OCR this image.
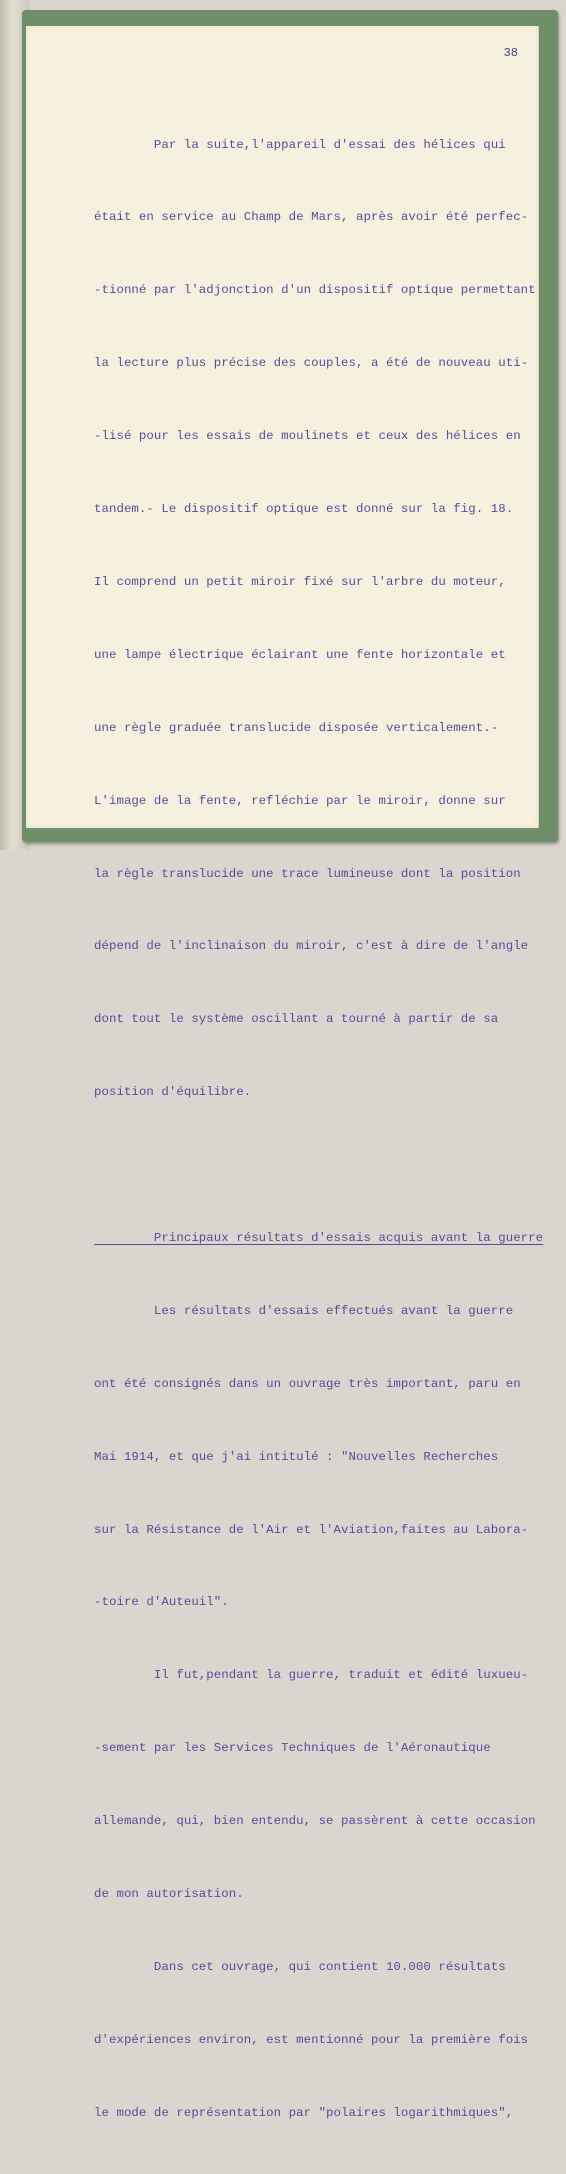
38

Par la suite,l'appareil d'essai des hélices qui

était en service au Champ de Mars, après avoir été perfec-

-tionné par l'adjonction d'un dispositif optique permettant

la lecture plus précise des couples, a été de nouveau uti-

-lisé pour les essais de moulinets et ceux des hélices en

tandem.- Le dispositif optique est donné sur la fig. 18.

Il comprend un petit miroir fixé sur l'arbre du moteur,

une lampe électrique éclairant une fente horizontale et

une règle graduée translucide disposée verticalement.-

L'image de la fente, refléchie par le miroir, donne sur

la règle translucide une trace lumineuse dont la position

dépend de l'inclinaison du miroir, c'est à dire de l'angle

dont tout le système oscillant a tourné à partir de sa

position d'équilibre.

Principaux résultats d'essais acquis avant la guerre

Les résultats d'essais effectués avant la guerre

ont été consignés dans un ouvrage très important, paru en

Mai 1914, et que j'ai intitulé : "Nouvelles Recherches

sur la Résistance de l'Air et l'Aviation,faites au Labora-

-toire d'Auteuil".

Il fut,pendant la guerre, traduit et édité luxueu-

-sement par les Services Techniques de l'Aéronautique

allemande, qui, bien entendu, se passèrent à cette occasion

de mon autorisation.

Dans cet ouvrage, qui contient 10.000 résultats

d'expériences environ, est mentionné pour la première fois

le mode de représentation par "polaires logarithmiques",
